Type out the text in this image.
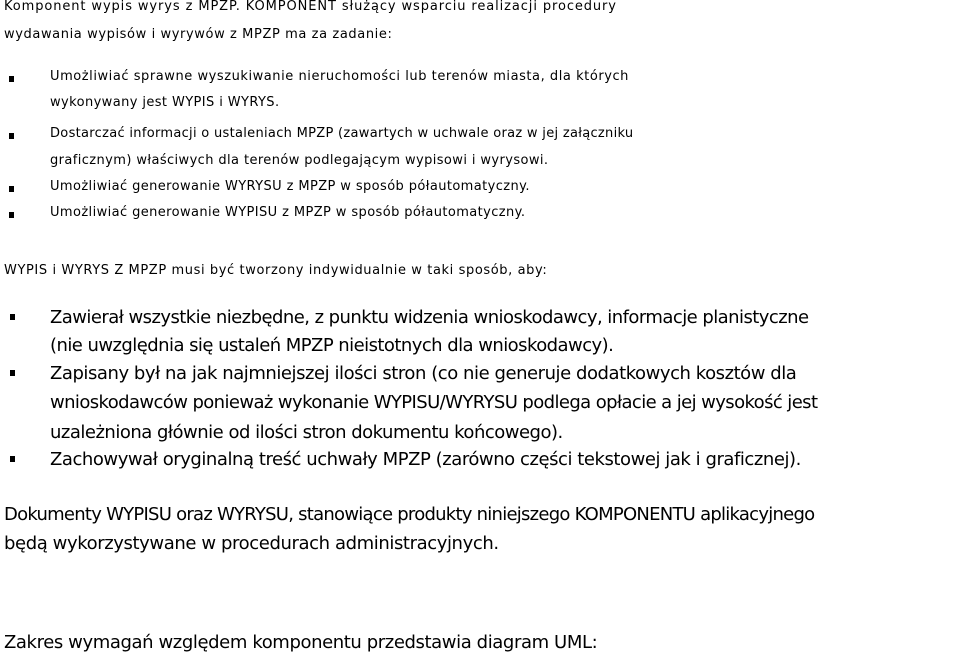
Komponent wypis wyrys z MPZP. KOMPONENT służący wsparciu realizacji procedury
wydawania wypisów i wyrywów z MPZP ma za zadanie:
Umożliwiać sprawne wyszukiwanie nieruchomości lub terenów miasta, dla których
wykonywany jest WYPIS i WYRYS.
Dostarczać informacji o ustaleniach MPZP (zawartych w uchwale oraz w jej załączniku
graficznym) właściwych dla terenów podlegającym wypisowi i wyrysowi.
Umożliwiać generowanie WYRYSU z MPZP w sposób półautomatyczny.
Umożliwiać generowanie WYPISU z MPZP w sposób półautomatyczny.
WYPIS i WYRYS Z MPZP musi być tworzony indywidualnie w taki sposób, aby:
Zawierał wszystkie niezbędne, z punktu widzenia wnioskodawcy, informacje planistyczne
(nie uwzględnia się ustaleń MPZP nieistotnych dla wnioskodawcy).
Zapisany był na jak najmniejszej ilości stron (co nie generuje dodatkowych kosztów dla
wnioskodawców ponieważ wykonanie WYPISU/WYRYSU podlega opłacie a jej wysokość jest
uzależniona głównie od ilości stron dokumentu końcowego).
Zachowywał oryginalną treść uchwały MPZP (zarówno części tekstowej jak i graficznej).
Dokumenty WYPISU oraz WYRYSU, stanowiące produkty niniejszego KOMPONENTU aplikacyjnego
będą wykorzystywane w procedurach administracyjnych.
Zakres wymagań względem komponentu przedstawia diagram UML:
